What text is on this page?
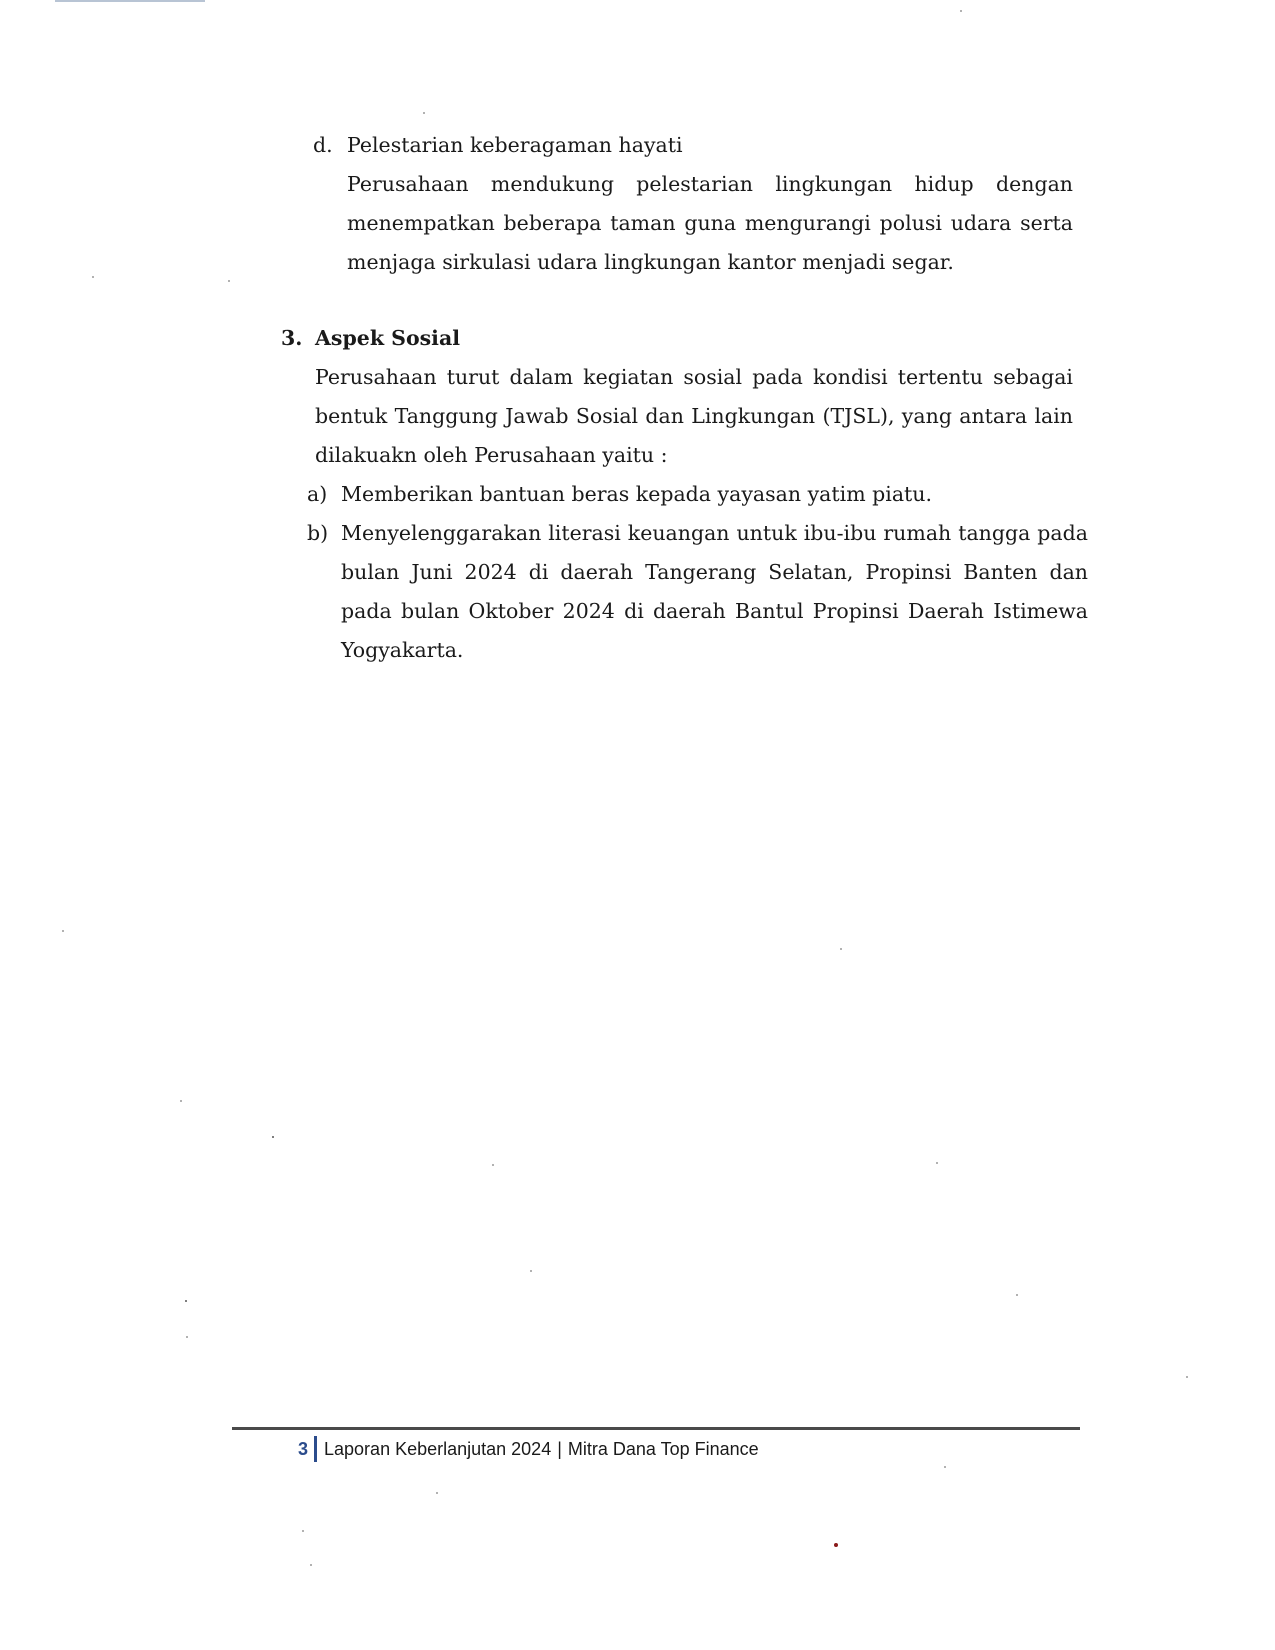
d. Pelestarian keberagaman hayati
Perusahaan mendukung pelestarian lingkungan hidup dengan menempatkan beberapa taman guna mengurangi polusi udara serta menjaga sirkulasi udara lingkungan kantor menjadi segar.
3. Aspek Sosial
Perusahaan turut dalam kegiatan sosial pada kondisi tertentu sebagai bentuk Tanggung Jawab Sosial dan Lingkungan (TJSL), yang antara lain dilakuakn oleh Perusahaan yaitu :
a) Memberikan bantuan beras kepada yayasan yatim piatu.
b) Menyelenggarakan literasi keuangan untuk ibu-ibu rumah tangga pada bulan Juni 2024 di daerah Tangerang Selatan, Propinsi Banten dan pada bulan Oktober 2024 di daerah Bantul Propinsi Daerah Istimewa Yogyakarta.
3 Laporan Keberlanjutan 2024 | Mitra Dana Top Finance
